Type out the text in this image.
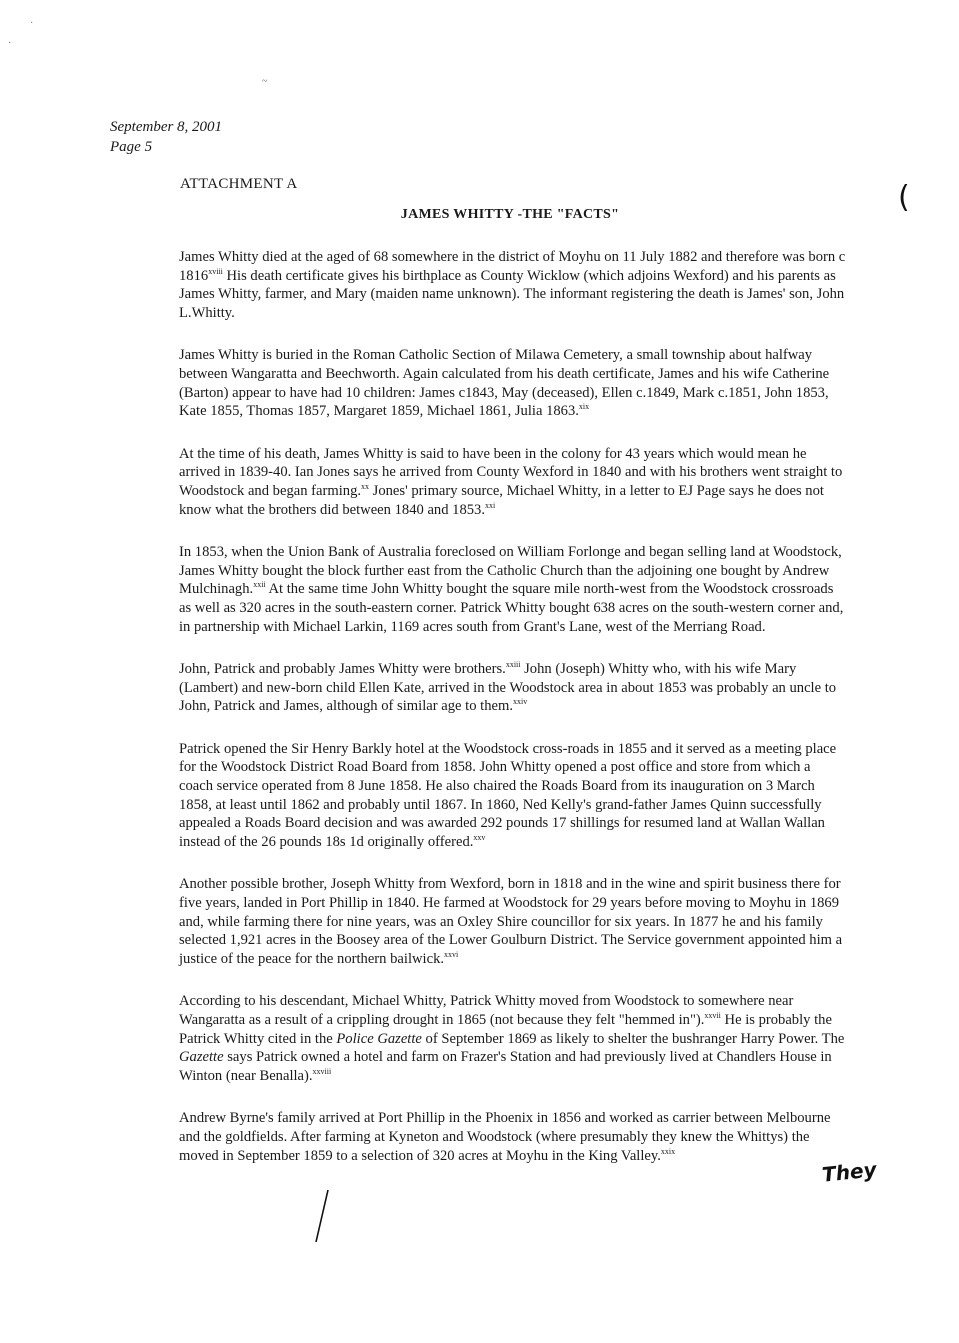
·
·
~
September 8, 2001
Page 5
ATTACHMENT A
JAMES WHITTY -THE "FACTS"	(

James Whitty died at the aged of 68 somewhere in the district of Moyhu on 11 July 1882 and therefore was born c $1816^{xviii}$ His death certificate gives his birthplace as County Wicklow (which adjoins Wexford) and his parents as James Whitty, farmer, and Mary (maiden name unknown). The informant registering the death is James' son, John L.Whitty.

James Whitty is buried in the Roman Catholic Section of Milawa Cemetery, a small township about halfway between Wangaratta and Beechworth. Again calculated from his death certificate, James and his wife Catherine (Barton) appear to have had 10 children: James c1843, May (deceased), Ellen c.1849, Mark c.1851, John 1853, Kate 1855, Thomas 1857, Margaret 1859, Michael 1861, Julia 1863.$^{xix}$

At the time of his death, James Whitty is said to have been in the colony for 43 years which would mean he arrived in 1839-40. Ian Jones says he arrived from County Wexford in 1840 and with his brothers went straight to Woodstock and began farming.$^{xx}$ Jones' primary source, Michael Whitty, in a letter to EJ Page says he does not know what the brothers did between 1840 and 1853.$^{xxi}$

In 1853, when the Union Bank of Australia foreclosed on William Forlonge and began selling land at Woodstock, James Whitty bought the block further east from the Catholic Church than the adjoining one bought by Andrew Mulchinagh.$^{xxii}$ At the same time John Whitty bought the square mile north-west from the Woodstock crossroads as well as 320 acres in the south-eastern corner. Patrick Whitty bought 638 acres on the south-western corner and, in partnership with Michael Larkin, 1169 acres south from Grant's Lane, west of the Merriang Road.

John, Patrick and probably James Whitty were brothers.$^{xxiii}$ John (Joseph) Whitty who, with his wife Mary (Lambert) and new-born child Ellen Kate, arrived in the Woodstock area in about 1853 was probably an uncle to John, Patrick and James, although of similar age to them.$^{xxiv}$

Patrick opened the Sir Henry Barkly hotel at the Woodstock cross-roads in 1855 and it served as a meeting place for the Woodstock District Road Board from 1858. John Whitty opened a post office and store from which a coach service operated from 8 June 1858. He also chaired the Roads Board from its inauguration on 3 March 1858, at least until 1862 and probably until 1867. In 1860, Ned Kelly's grand-father James Quinn successfully appealed a Roads Board decision and was awarded 292 pounds 17 shillings for resumed land at Wallan Wallan instead of the 26 pounds 18s 1d originally offered.$^{xxv}$

Another possible brother, Joseph Whitty from Wexford, born in 1818 and in the wine and spirit business there for five years, landed in Port Phillip in 1840. He farmed at Woodstock for 29 years before moving to Moyhu in 1869 and, while farming there for nine years, was an Oxley Shire councillor for six years. In 1877 he and his family selected 1,921 acres in the Boosey area of the Lower Goulburn District. The Service government appointed him a justice of the peace for the northern bailwick.$^{xxvi}$

According to his descendant, Michael Whitty, Patrick Whitty moved from Woodstock to somewhere near Wangaratta as a result of a crippling drought in 1865 (not because they felt "hemmed in").$^{xxvii}$ He is probably the Patrick Whitty cited in the Police Gazette of September 1869 as likely to shelter the bushranger Harry Power. The Gazette says Patrick owned a hotel and farm on Frazer's Station and had previously lived at Chandlers House in Winton (near Benalla).$^{xxviii}$

Andrew Byrne's family arrived at Port Phillip in the Phoenix in 1856 and worked as carrier between Melbourne and the goldfields. After farming at Kyneton and Woodstock (where presumably they knew the Whittys) the moved in September 1859 to a selection of 320 acres at Moyhu in the King Valley.$^{xxix}$

They
